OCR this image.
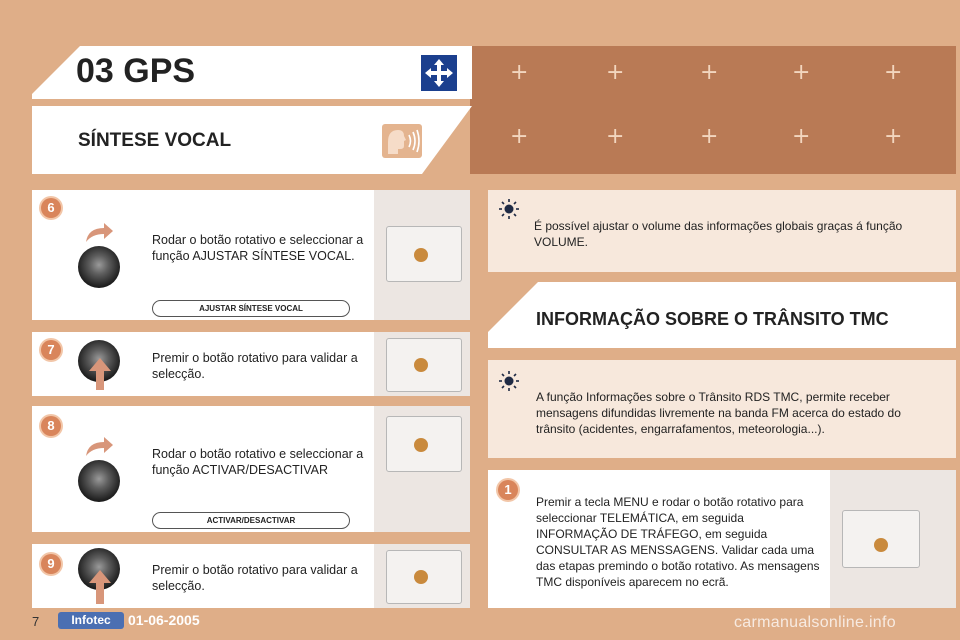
+	+	+	+	+
+	+	+	+	+
03 GPS
SÍNTESE VOCAL
6
Rodar o botão rotativo e seleccionar a função AJUSTAR SÍNTESE VOCAL.
AJUSTAR SÍNTESE VOCAL
7
Premir o botão rotativo para validar a selecção.
8
Rodar o botão rotativo e seleccionar a função ACTIVAR/DESACTIVAR
ACTIVAR/DESACTIVAR
9	Premir o botão rotativo para validar a selecção.
É possível ajustar o volume das informações globais graças á função VOLUME.
INFORMAÇÃO SOBRE O TRÂNSITO TMC
A função Informações sobre o Trânsito RDS TMC, permite receber mensagens difundidas livremente na banda FM acerca do estado do trânsito (acidentes, engarrafamentos, meteorologia...).
1
Premir a tecla MENU e rodar o botão rotativo para seleccionar TELEMÁTICA, em seguida INFORMAÇÃO DE TRÁFEGO, em seguida CONSULTAR AS MENSSAGENS. Validar cada uma das etapas premindo o botão rotativo. As mensagens TMC disponíveis aparecem no ecrã.
7	Infotec	01-06-2005	carmanualsonline.info
